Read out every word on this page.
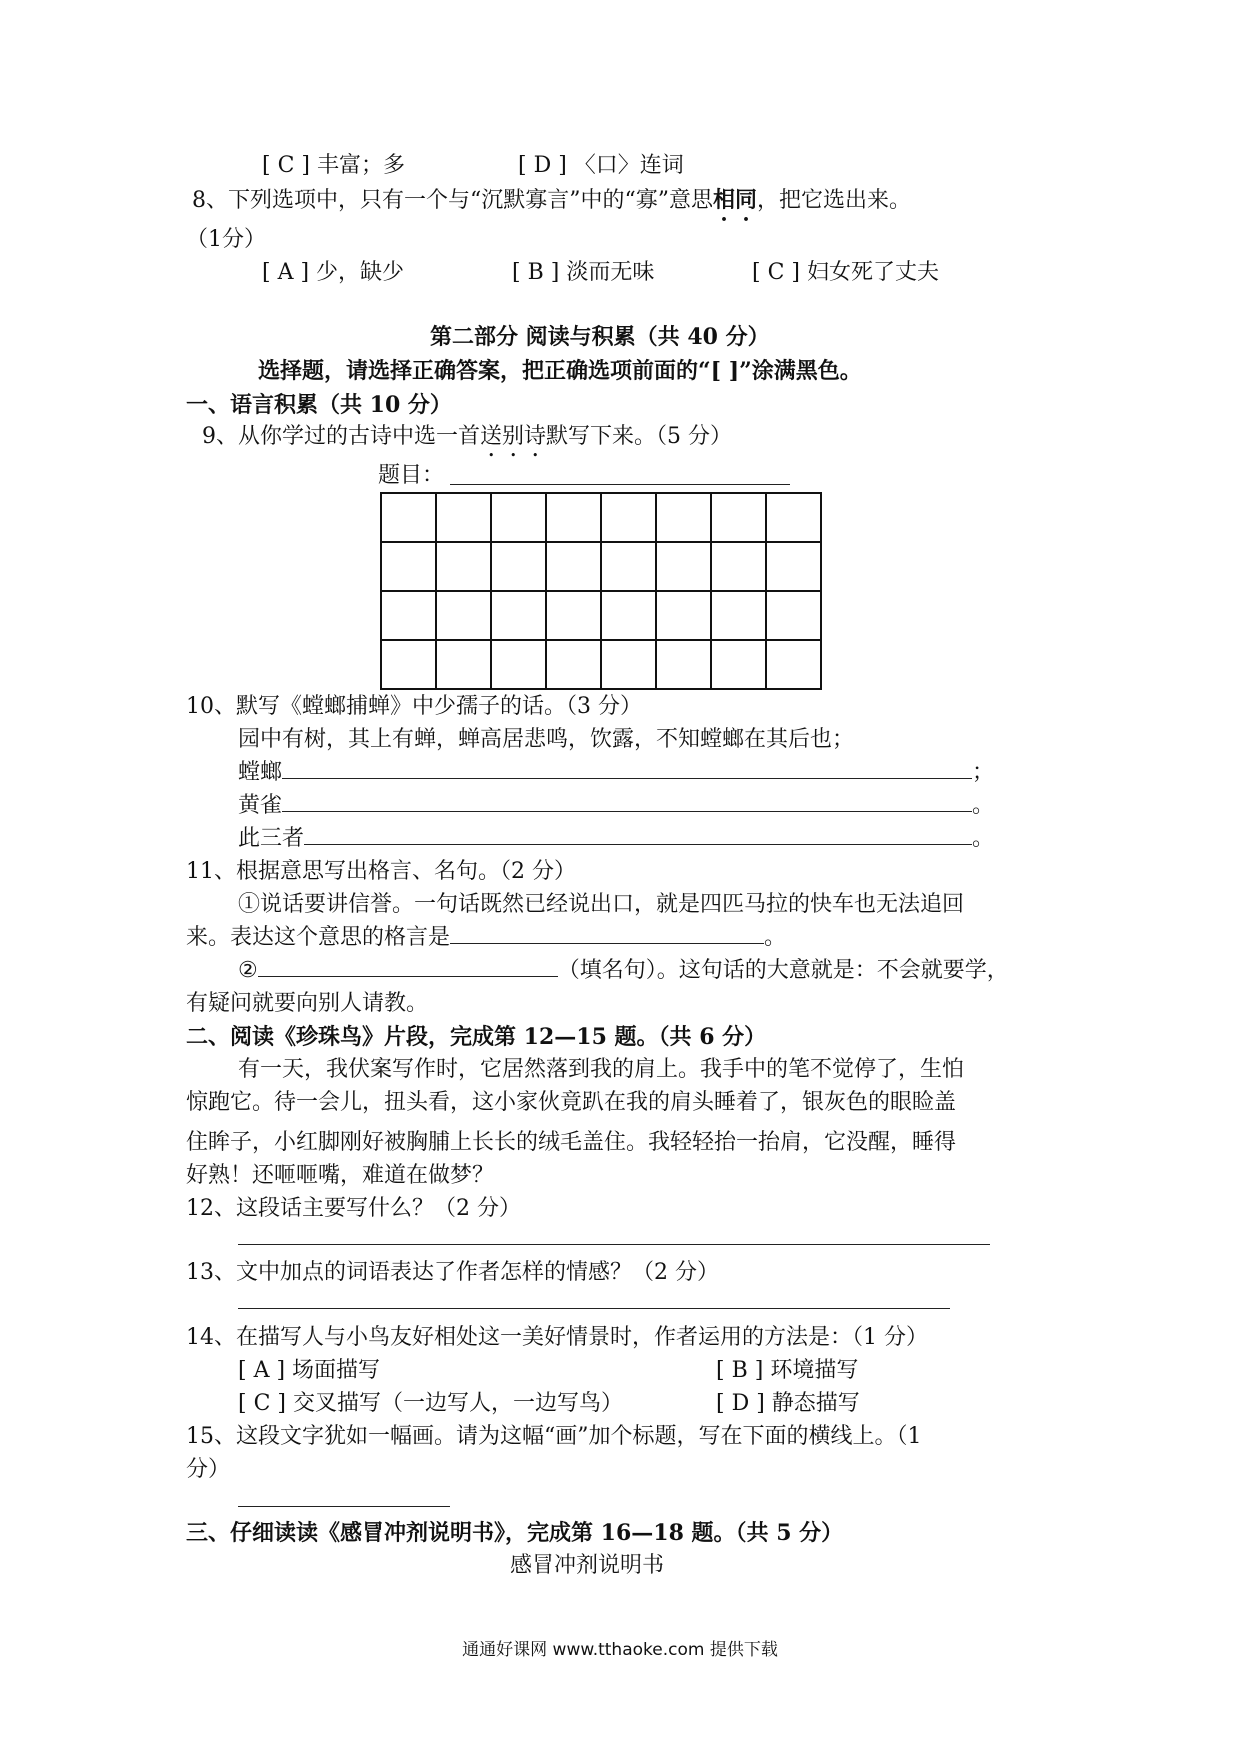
[ C ] 丰富；多	[ D ] 〈口〉连词
8、下列选项中，只有一个与“沉默寡言”中的“寡”意思相同，把它选出来。
（1分）
[ A ] 少，缺少	[ B ] 淡而无味	[ C ] 妇女死了丈夫
第二部分 阅读与积累（共 40 分）
选择题，请选择正确答案，把正确选项前面的“[ ]”涂满黑色。
一、语言积累（共 10 分）
9、从你学过的古诗中选一首送别诗默写下来。（5 分）
题目：

10、默写《螳螂捕蝉》中少孺子的话。（3 分）
园中有树，其上有蝉，蝉高居悲鸣，饮露，不知螳螂在其后也；
螳螂	；
黄雀	。
此三者	。
11、根据意思写出格言、名句。（2 分）
①说话要讲信誉。一句话既然已经说出口，就是四匹马拉的快车也无法追回
来。表达这个意思的格言是	。
②	（填名句）。这句话的大意就是：不会就要学，
有疑问就要向别人请教。
二、阅读《珍珠鸟》片段，完成第 12—15 题。（共 6 分）
有一天，我伏案写作时，它居然落到我的肩上。我手中的笔不觉停了，生怕
惊跑它。待一会儿，扭头看，这小家伙竟趴在我的肩头睡着了，银灰色的眼睑盖
住眸子，小红脚刚好被胸脯上长长的绒毛盖住。我轻轻抬一抬肩，它没醒，睡得
好熟！还咂咂嘴，难道在做梦？
12、这段话主要写什么？（2 分）
13、文中加点的词语表达了作者怎样的情感？（2 分）
14、在描写人与小鸟友好相处这一美好情景时，作者运用的方法是：（1 分）
[ A ] 场面描写	[ B ] 环境描写
[ C ] 交叉描写（一边写人，一边写鸟）	[ D ] 静态描写
15、这段文字犹如一幅画。请为这幅“画”加个标题，写在下面的横线上。（1
分）
三、仔细读读《感冒冲剂说明书》，完成第 16—18 题。（共 5 分）
感冒冲剂说明书
通通好课网 www.tthaoke.com 提供下载
